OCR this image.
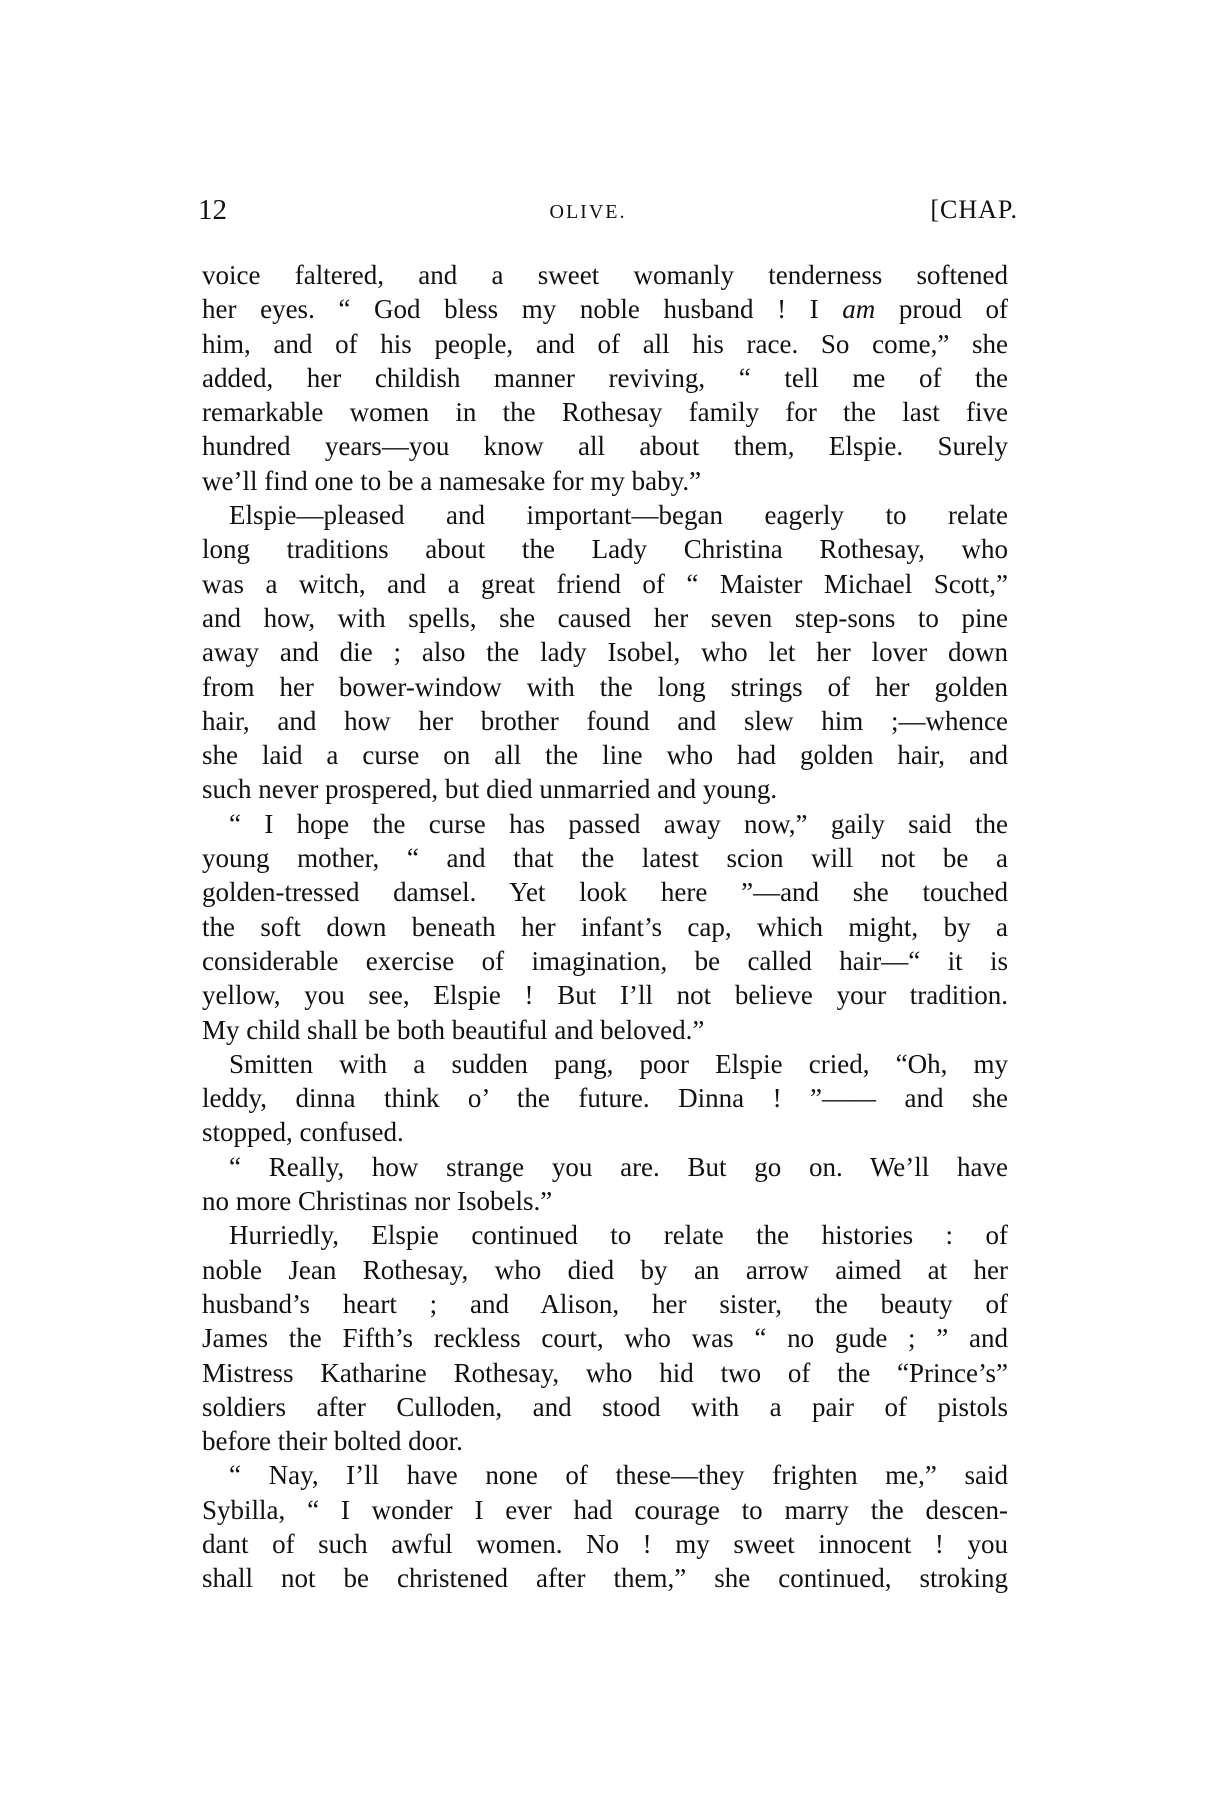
12	OLIVE.	[CHAP.
voice faltered, and a sweet womanly tenderness softened
her eyes. “ God bless my noble husband ! I am proud of
him, and of his people, and of all his race. So come,” she
added, her childish manner reviving, “ tell me of the
remarkable women in the Rothesay family for the last five
hundred years—you know all about them, Elspie. Surely
we’ll find one to be a namesake for my baby.”
Elspie—pleased and important—began eagerly to relate
long traditions about the Lady Christina Rothesay, who
was a witch, and a great friend of “ Maister Michael Scott,”
and how, with spells, she caused her seven step-sons to pine
away and die ; also the lady Isobel, who let her lover down
from her bower-window with the long strings of her golden
hair, and how her brother found and slew him ;—whence
she laid a curse on all the line who had golden hair, and
such never prospered, but died unmarried and young.
“ I hope the curse has passed away now,” gaily said the
young mother, “ and that the latest scion will not be a
golden-tressed damsel. Yet look here ”—and she touched
the soft down beneath her infant’s cap, which might, by a
considerable exercise of imagination, be called hair—“ it is
yellow, you see, Elspie ! But I’ll not believe your tradition.
My child shall be both beautiful and beloved.”
Smitten with a sudden pang, poor Elspie cried, “Oh, my
leddy, dinna think o’ the future. Dinna ! ”—— and she
stopped, confused.
“ Really, how strange you are. But go on. We’ll have
no more Christinas nor Isobels.”
Hurriedly, Elspie continued to relate the histories : of
noble Jean Rothesay, who died by an arrow aimed at her
husband’s heart ; and Alison, her sister, the beauty of
James the Fifth’s reckless court, who was “ no gude ; ” and
Mistress Katharine Rothesay, who hid two of the “Prince’s”
soldiers after Culloden, and stood with a pair of pistols
before their bolted door.
“ Nay, I’ll have none of these—they frighten me,” said
Sybilla, “ I wonder I ever had courage to marry the descen-
dant of such awful women. No ! my sweet innocent ! you
shall not be christened after them,” she continued, stroking
